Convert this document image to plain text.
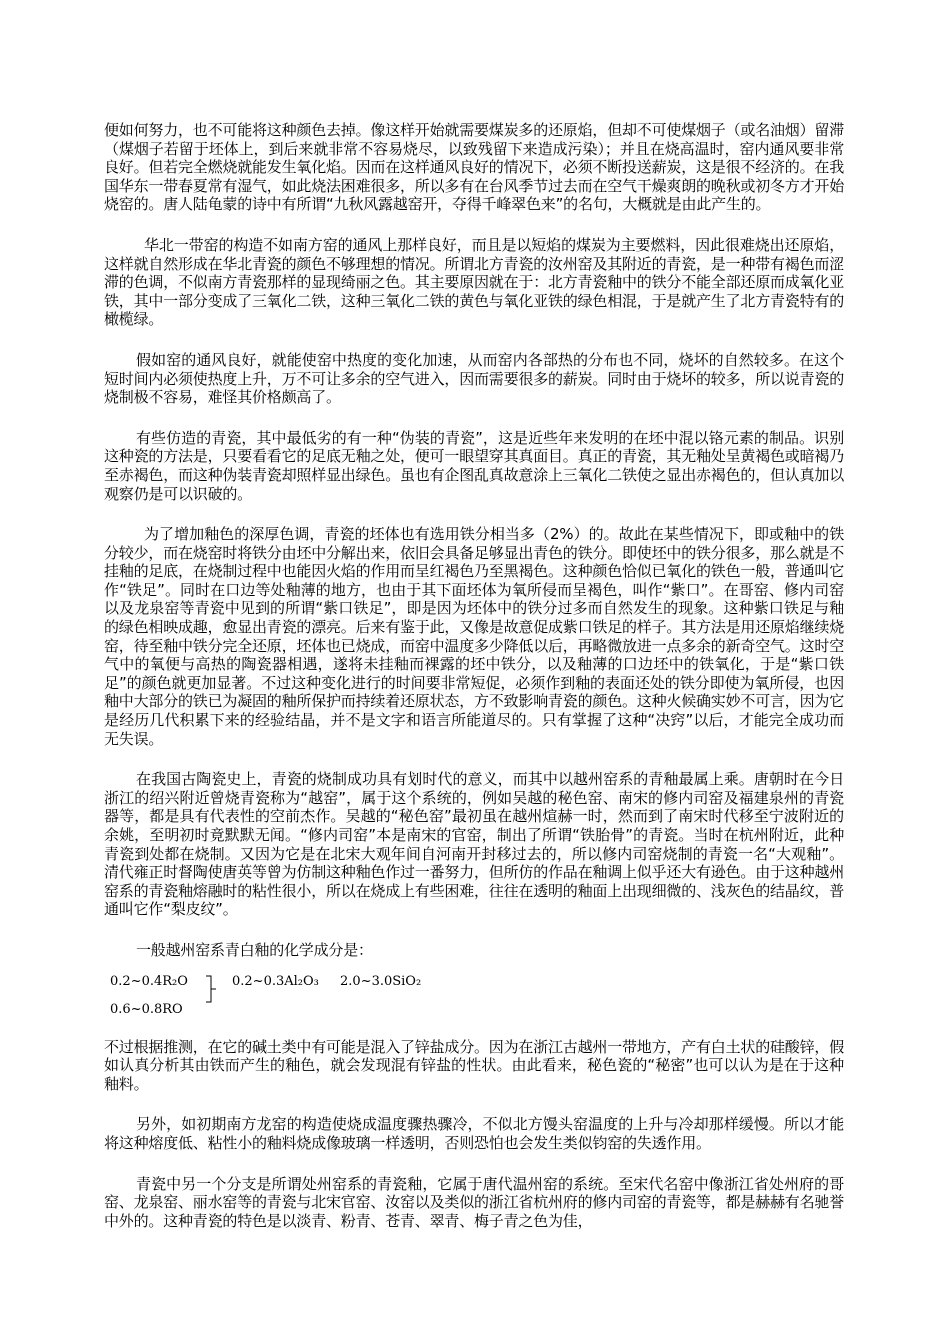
便如何努力，也不可能将这种颜色去掉。像这样开始就需要煤炭多的还原焰，但却不可使煤烟子（或名油烟）留滞（煤烟子若留于坯体上，到后来就非常不容易烧尽，以致残留下来造成污染）；并且在烧高温时，窑内通风要非常良好。但若完全燃烧就能发生氧化焰。因而在这样通风良好的情况下，必须不断投送薪炭，这是很不经济的。在我国华东一带春夏常有湿气，如此烧法困难很多，所以多有在台风季节过去而在空气干燥爽朗的晚秋或初冬方才开始烧窑的。唐人陆龟蒙的诗中有所谓“九秋风露越窑开，夺得千峰翠色来”的名句，大概就是由此产生的。

华北一带窑的构造不如南方窑的通风上那样良好，而且是以短焰的煤炭为主要燃料，因此很难烧出还原焰，这样就自然形成在华北青瓷的颜色不够理想的情况。所谓北方青瓷的汝州窑及其附近的青瓷，是一种带有褐色而涩滞的色调，不似南方青瓷那样的显现绮丽之色。其主要原因就在于：北方青瓷釉中的铁分不能全部还原而成氧化亚铁，其中一部分变成了三氧化二铁，这种三氧化二铁的黄色与氧化亚铁的绿色相混，于是就产生了北方青瓷特有的橄榄绿。

假如窑的通风良好，就能使窑中热度的变化加速，从而窑内各部热的分布也不同，烧坏的自然较多。在这个短时间内必须使热度上升，万不可让多余的空气进入，因而需要很多的薪炭。同时由于烧坏的较多，所以说青瓷的烧制极不容易，难怪其价格颇高了。

有些仿造的青瓷，其中最低劣的有一种“伪装的青瓷”，这是近些年来发明的在坯中混以铬元素的制品。识别这种瓷的方法是，只要看看它的足底无釉之处，便可一眼望穿其真面目。真正的青瓷，其无釉处呈黄褐色或暗褐乃至赤褐色，而这种伪装青瓷却照样显出绿色。虽也有企图乱真故意涂上三氧化二铁使之显出赤褐色的，但认真加以观察仍是可以识破的。

为了增加釉色的深厚色调，青瓷的坯体也有选用铁分相当多（2%）的。故此在某些情况下，即或釉中的铁分较少，而在烧窑时将铁分由坯中分解出来，依旧会具备足够显出青色的铁分。即使坯中的铁分很多，那么就是不挂釉的足底，在烧制过程中也能因火焰的作用而呈红褐色乃至黑褐色。这种颜色恰似已氧化的铁色一般，普通叫它作“铁足”。同时在口边等处釉薄的地方，也由于其下面坯体为氧所侵而呈褐色，叫作“紫口”。在哥窑、修内司窑以及龙泉窑等青瓷中见到的所谓“紫口铁足”，即是因为坯体中的铁分过多而自然发生的现象。这种紫口铁足与釉的绿色相映成趣，愈显出青瓷的漂亮。后来有鉴于此，又像是故意促成紫口铁足的样子。其方法是用还原焰继续烧窑，待至釉中铁分完全还原，坯体也已烧成，而窑中温度多少降低以后，再略微放进一点多余的新奇空气。这时空气中的氧便与高热的陶瓷器相遇，遂将未挂釉而裸露的坯中铁分，以及釉薄的口边坯中的铁氧化，于是“紫口铁足”的颜色就更加显著。不过这种变化进行的时间要非常短促，必须作到釉的表面还处的铁分即使为氧所侵，也因釉中大部分的铁已为凝固的釉所保护而持续着还原状态，方不致影响青瓷的颜色。这种火候确实妙不可言，因为它是经历几代积累下来的经验结晶，并不是文字和语言所能道尽的。只有掌握了这种“决窍”以后，才能完全成功而无失误。

在我国古陶瓷史上，青瓷的烧制成功具有划时代的意义，而其中以越州窑系的青釉最属上乘。唐朝时在今日浙江的绍兴附近曾烧青瓷称为“越窑”，属于这个系统的，例如吴越的秘色窑、南宋的修内司窑及福建泉州的青瓷器等，都是具有代表性的空前杰作。吴越的“秘色窑”最初虽在越州煊赫一时，然而到了南宋时代移至宁波附近的余姚，至明初时竟默默无闻。“修内司窑”本是南宋的官窑，制出了所谓“铁胎骨”的青瓷。当时在杭州附近，此种青瓷到处都在烧制。又因为它是在北宋大观年间自河南开封移过去的，所以修内司窑烧制的青瓷一名“大观釉”。清代雍正时督陶使唐英等曾为仿制这种釉色作过一番努力，但所仿的作品在釉调上似乎还大有逊色。由于这种越州窑系的青瓷釉熔融时的粘性很小，所以在烧成上有些困难，往往在透明的釉面上出现细微的、浅灰色的结晶纹，普通叫它作“梨皮纹”。

一般越州窑系青白釉的化学成分是：

0.2~0.4R₂O
0.6~0.8RO
0.2~0.3Al₂O₃ 2.0~3.0SiO₂

不过根据推测，在它的碱土类中有可能是混入了锌盐成分。因为在浙江古越州一带地方，产有白土状的硅酸锌，假如认真分析其由铁而产生的釉色，就会发现混有锌盐的性状。由此看来，秘色瓷的“秘密”也可以认为是在于这种釉料。

另外，如初期南方龙窑的构造使烧成温度骤热骤冷，不似北方馒头窑温度的上升与冷却那样缓慢。所以才能将这种熔度低、粘性小的釉料烧成像玻璃一样透明，否则恐怕也会发生类似钧窑的失透作用。

青瓷中另一个分支是所谓处州窑系的青瓷釉，它属于唐代温州窑的系统。至宋代名窑中像浙江省处州府的哥窑、龙泉窑、丽水窑等的青瓷与北宋官窑、汝窑以及类似的浙江省杭州府的修内司窑的青瓷等，都是赫赫有名驰誉中外的。这种青瓷的特色是以淡青、粉青、苍青、翠青、梅子青之色为佳，
